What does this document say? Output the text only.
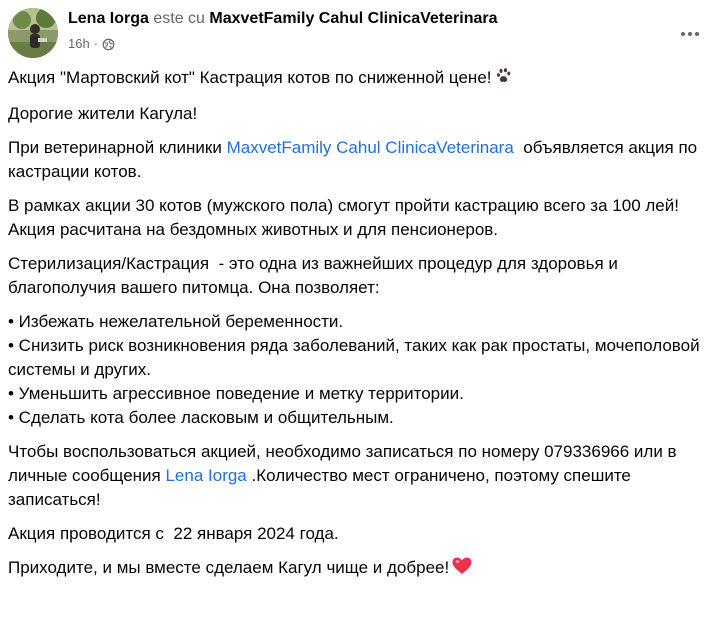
Lena Iorga este cu MaxvetFamily Cahul ClinicaVeterinara
16h ·

Акция "Мартовский кот" Кастрация котов по сниженной цене!

Дорогие жители Кагула!

При ветеринарной клиники MaxvetFamily Cahul ClinicaVeterinara  объявляется акция по кастрации котов.

В рамках акции 30 котов (мужского пола) смогут пройти кастрацию всего за 100 лей!
Акция расчитана на бездомных животных и для пенсионеров.

Стерилизация/Кастрация  - это одна из важнейших процедур для здоровья и благополучия вашего питомца. Она позволяет:

• Избежать нежелательной беременности.
• Снизить риск возникновения ряда заболеваний, таких как рак простаты, мочеполовой системы и других.
• Уменьшить агрессивное поведение и метку территории.
• Сделать кота более ласковым и общительным.

Чтобы воспользоваться акцией, необходимо записаться по номеру 079336966 или в личные сообщения Lena Iorga .Количество мест ограничено, поэтому спешите записаться!

Акция проводится с  22 января 2024 года.

Приходите, и мы вместе сделаем Кагул чище и добрее!
